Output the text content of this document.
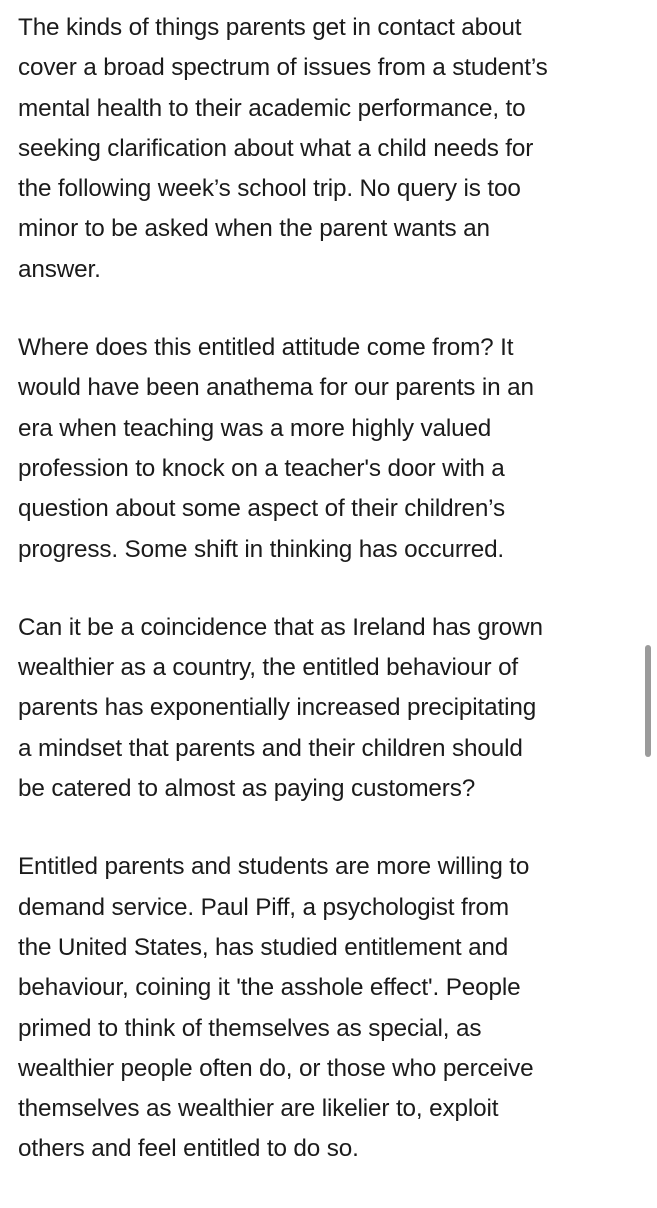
The kinds of things parents get in contact about
cover a broad spectrum of issues from a student’s
mental health to their academic performance, to
seeking clarification about what a child needs for
the following week’s school trip. No query is too
minor to be asked when the parent wants an
answer.

Where does this entitled attitude come from? It
would have been anathema for our parents in an
era when teaching was a more highly valued
profession to knock on a teacher's door with a
question about some aspect of their children’s
progress. Some shift in thinking has occurred.

Can it be a coincidence that as Ireland has grown
wealthier as a country, the entitled behaviour of
parents has exponentially increased precipitating
a mindset that parents and their children should
be catered to almost as paying customers?

Entitled parents and students are more willing to
demand service. Paul Piff, a psychologist from
the United States, has studied entitlement and
behaviour, coining it 'the asshole effect'. People
primed to think of themselves as special, as
wealthier people often do, or those who perceive
themselves as wealthier are likelier to, exploit
others and feel entitled to do so.
